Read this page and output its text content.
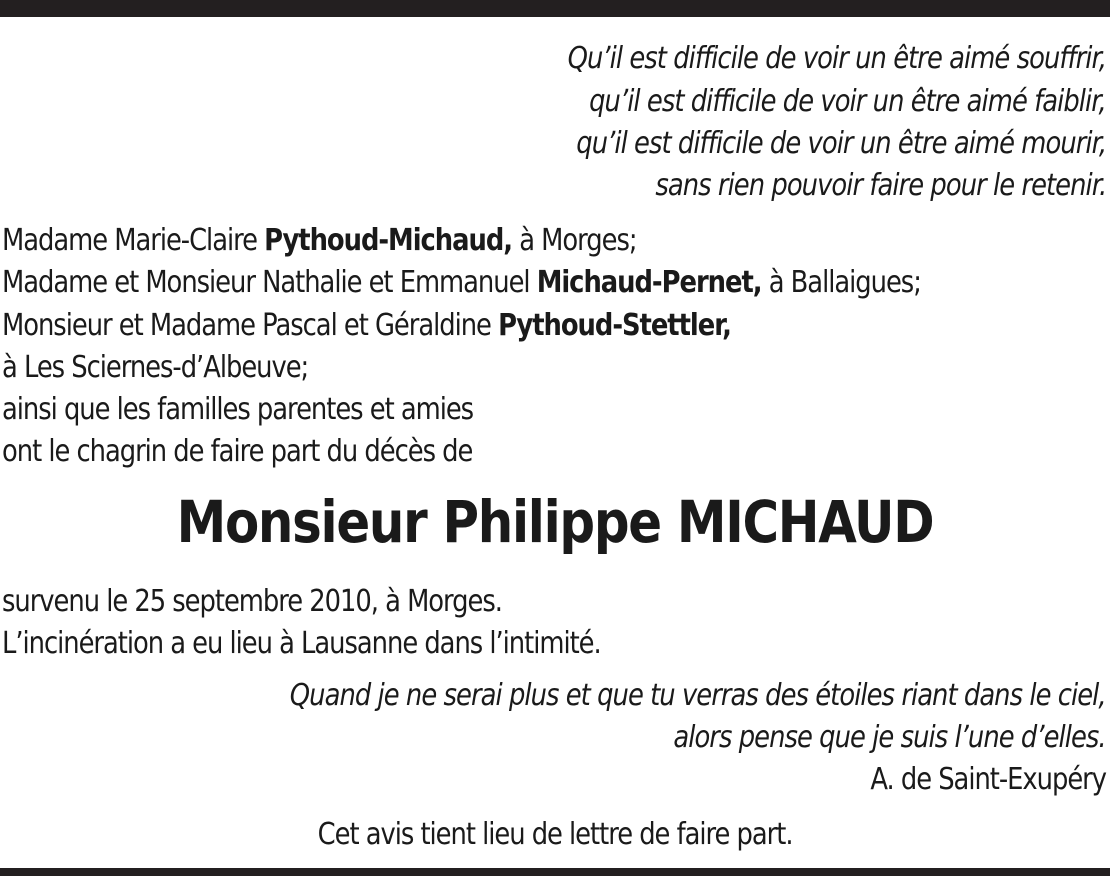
Qu’il est difficile de voir un être aimé souffrir,
qu’il est difficile de voir un être aimé faiblir,
qu’il est difficile de voir un être aimé mourir,
sans rien pouvoir faire pour le retenir.
Madame Marie-Claire Pythoud-Michaud, à Morges;
Madame et Monsieur Nathalie et Emmanuel Michaud-Pernet, à Ballaigues;
Monsieur et Madame Pascal et Géraldine Pythoud-Stettler,
à Les Sciernes-d’Albeuve;
ainsi que les familles parentes et amies
ont le chagrin de faire part du décès de
Monsieur Philippe MICHAUD
survenu le 25 septembre 2010, à Morges.
L’incinération a eu lieu à Lausanne dans l’intimité.
Quand je ne serai plus et que tu verras des étoiles riant dans le ciel,
alors pense que je suis l’une d’elles.
A. de Saint-Exupéry
Cet avis tient lieu de lettre de faire part.
